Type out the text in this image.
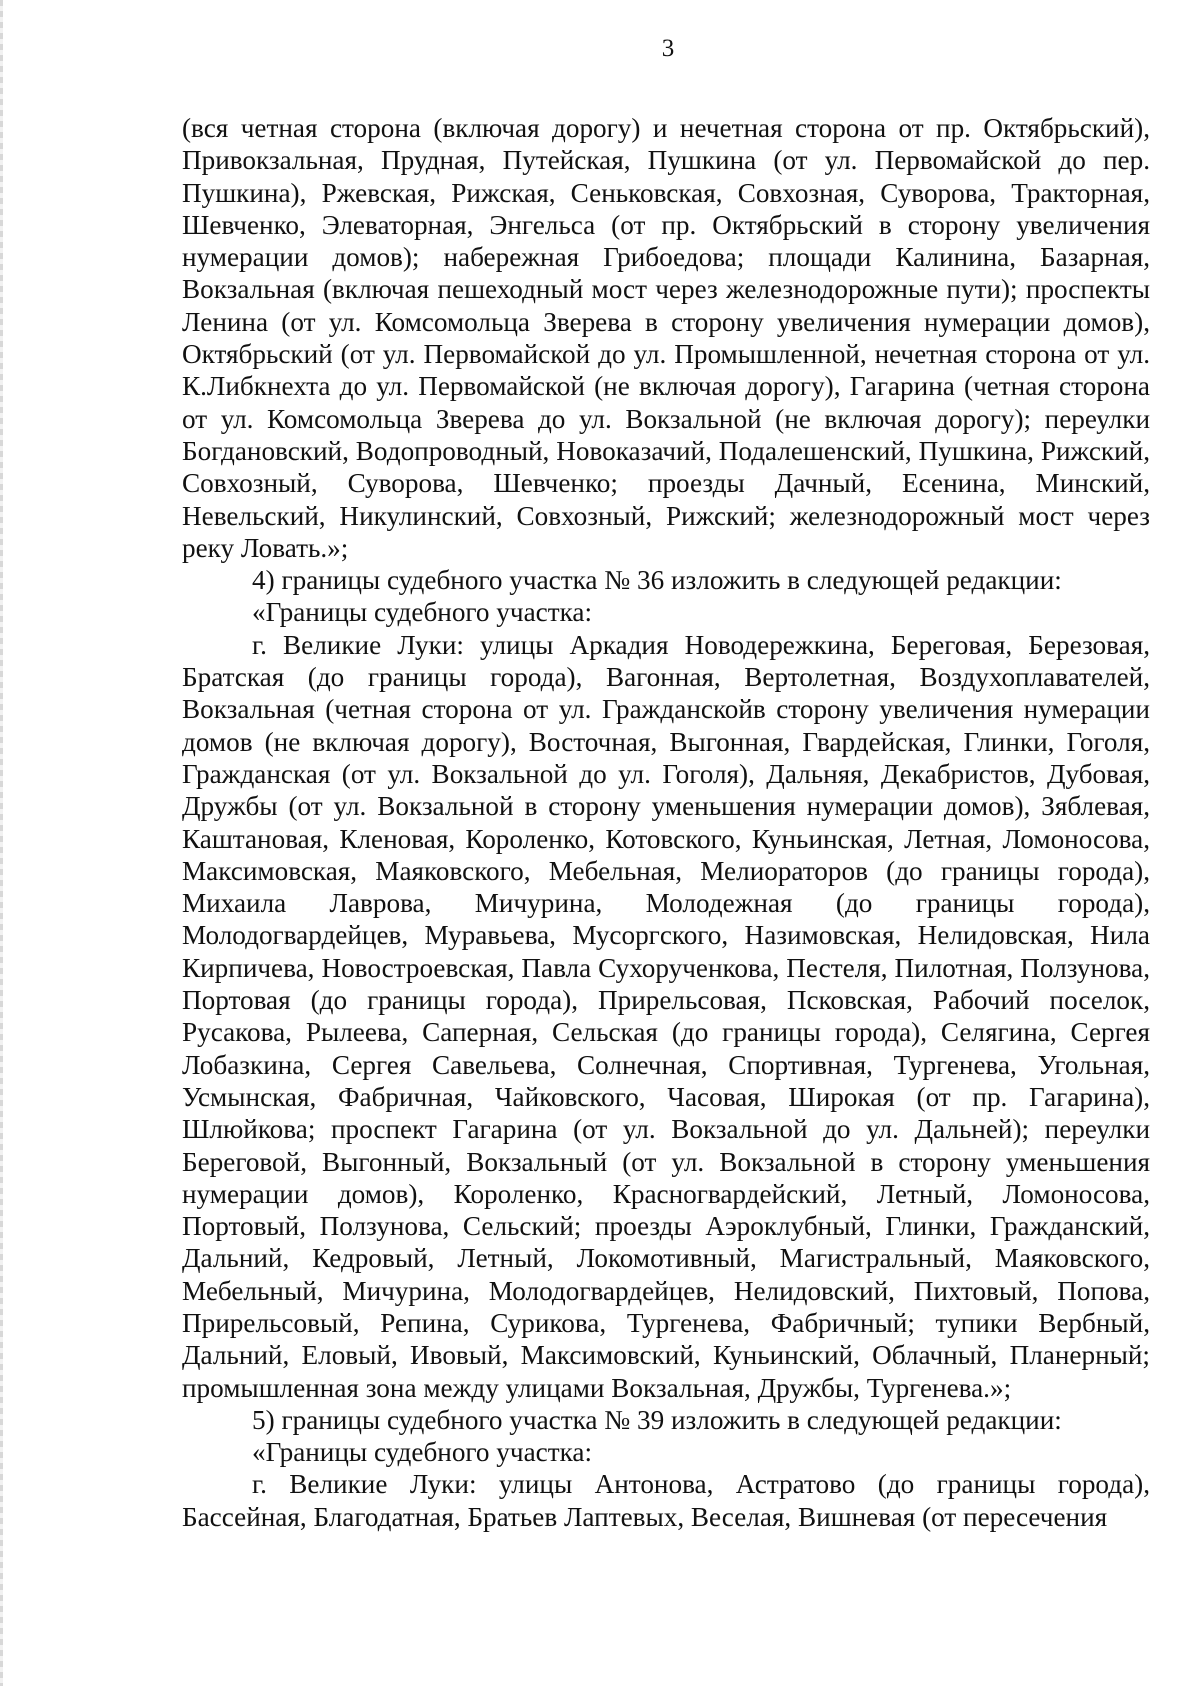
3

(вся четная сторона (включая дорогу) и нечетная сторона от пр. Октябрьский), Привокзальная, Прудная, Путейская, Пушкина (от ул. Первомайской до пер. Пушкина), Ржевская, Рижская, Сеньковская, Совхозная, Суворова, Тракторная, Шевченко, Элеваторная, Энгельса (от пр. Октябрьский в сторону увеличения нумерации домов); набережная Грибоедова; площади Калинина, Базарная, Вокзальная (включая пешеходный мост через железнодорожные пути); проспекты Ленина (от ул. Комсомольца Зверева в сторону увеличения нумерации домов), Октябрьский (от ул. Первомайской до ул. Промышленной, нечетная сторона от ул. К.Либкнехта до ул. Первомайской (не включая дорогу), Гагарина (четная сторона от ул. Комсомольца Зверева до ул. Вокзальной (не включая дорогу); переулки Богдановский, Водопроводный, Новоказачий, Подалешенский, Пушкина, Рижский, Совхозный, Суворова, Шевченко; проезды Дачный, Есенина, Минский, Невельский, Никулинский, Совхозный, Рижский; железнодорожный мост через реку Ловать.»;

4) границы судебного участка № 36 изложить в следующей редакции:

«Границы судебного участка:

г. Великие Луки: улицы Аркадия Новодережкина, Береговая, Березовая, Братская (до границы города), Вагонная, Вертолетная, Воздухоплавателей, Вокзальная (четная сторона от ул. Гражданскойв сторону увеличения нумерации домов (не включая дорогу), Восточная, Выгонная, Гвардейская, Глинки, Гоголя, Гражданская (от ул. Вокзальной до ул. Гоголя), Дальняя, Декабристов, Дубовая, Дружбы (от ул. Вокзальной в сторону уменьшения нумерации домов), Зяблевая, Каштановая, Кленовая, Короленко, Котовского, Куньинская, Летная, Ломоносова, Максимовская, Маяковского, Мебельная, Мелиораторов (до границы города), Михаила Лаврова, Мичурина, Молодежная (до границы города), Молодогвардейцев, Муравьева, Мусоргского, Назимовская, Нелидовская, Нила Кирпичева, Новостроевская, Павла Сухорученкова, Пестеля, Пилотная, Ползунова, Портовая (до границы города), Прирельсовая, Псковская, Рабочий поселок, Русакова, Рылеева, Саперная, Сельская (до границы города), Селягина, Сергея Лобазкина, Сергея Савельева, Солнечная, Спортивная, Тургенева, Угольная, Усмынская, Фабричная, Чайковского, Часовая, Широкая (от пр. Гагарина), Шлюйкова; проспект Гагарина (от ул. Вокзальной до ул. Дальней); переулки Береговой, Выгонный, Вокзальный (от ул. Вокзальной в сторону уменьшения нумерации домов), Короленко, Красногвардейский, Летный, Ломоносова, Портовый, Ползунова, Сельский; проезды Аэроклубный, Глинки, Гражданский, Дальний, Кедровый, Летный, Локомотивный, Магистральный, Маяковского, Мебельный, Мичурина, Молодогвардейцев, Нелидовский, Пихтовый, Попова, Прирельсовый, Репина, Сурикова, Тургенева, Фабричный; тупики Вербный, Дальний, Еловый, Ивовый, Максимовский, Куньинский, Облачный, Планерный; промышленная зона между улицами Вокзальная, Дружбы, Тургенева.»;

5) границы судебного участка № 39 изложить в следующей редакции:

«Границы судебного участка:

г. Великие Луки: улицы Антонова, Астратово (до границы города), Бассейная, Благодатная, Братьев Лаптевых, Веселая, Вишневая (от пересечения
